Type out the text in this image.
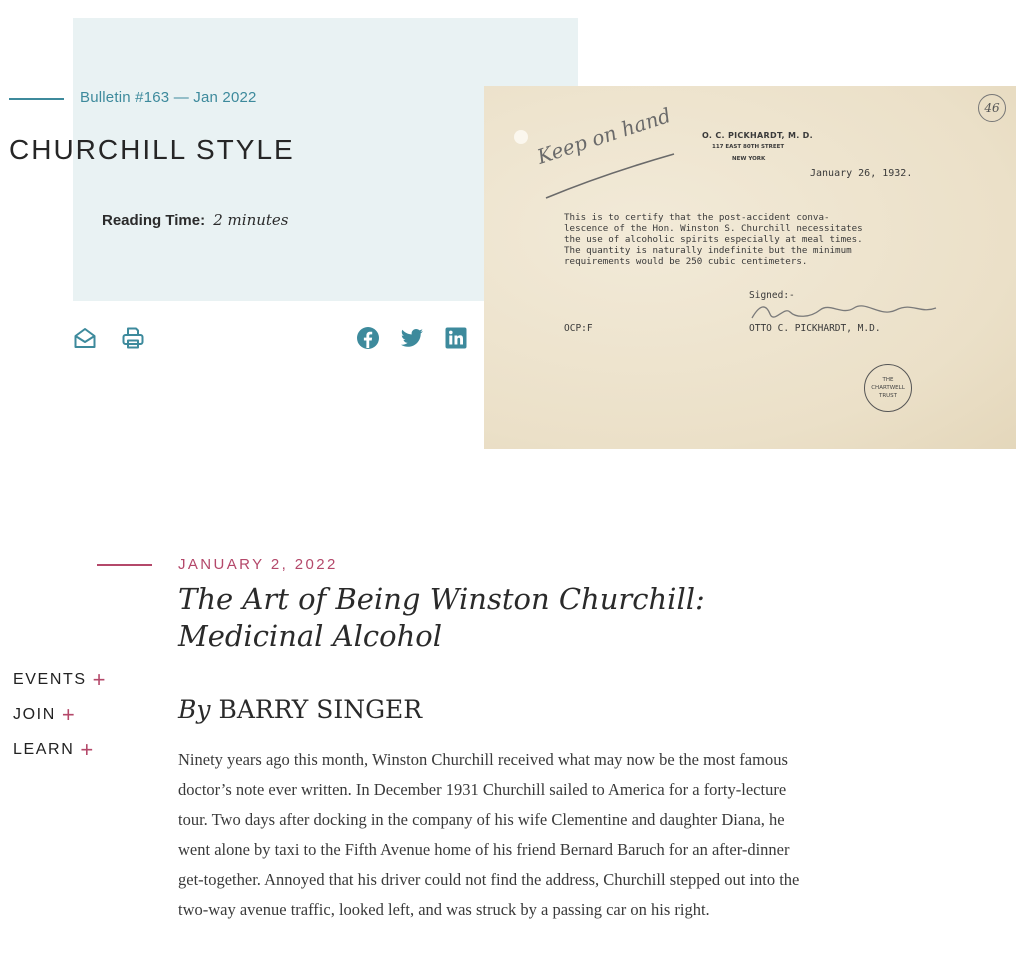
Bulletin #163 — Jan 2022
CHURCHILL STYLE
Reading Time: 2 minutes
46
Keep on hand	O. C. PICKHARDT, M. D.
117 EAST 80TH STREET
NEW YORK
January 26, 1932.
This is to certify that the post-accident conva-
lescence of the Hon. Winston S. Churchill necessitates
the use of alcoholic spirits especially at meal times.
The quantity is naturally indefinite but the minimum
requirements would be 250 cubic centimeters.
Signed:-
OCP:F	OTTO C. PICKHARDT, M.D.
THE
CHARTWELL
TRUST
JANUARY 2, 2022
The Art of Being Winston Churchill: Medicinal Alcohol
By BARRY SINGER

Ninety years ago this month, Winston Churchill received what may now be the most famous doctor’s note ever written. In December 1931 Churchill sailed to America for a forty-lecture tour. Two days after docking in the company of his wife Clementine and daughter Diana, he went alone by taxi to the Fifth Avenue home of his friend Bernard Baruch for an after-dinner get-together. Annoyed that his driver could not find the address, Churchill stepped out into the two-way avenue traffic, looked left, and was struck by a passing car on his right.

EVENTS +
JOIN +
LEARN +
